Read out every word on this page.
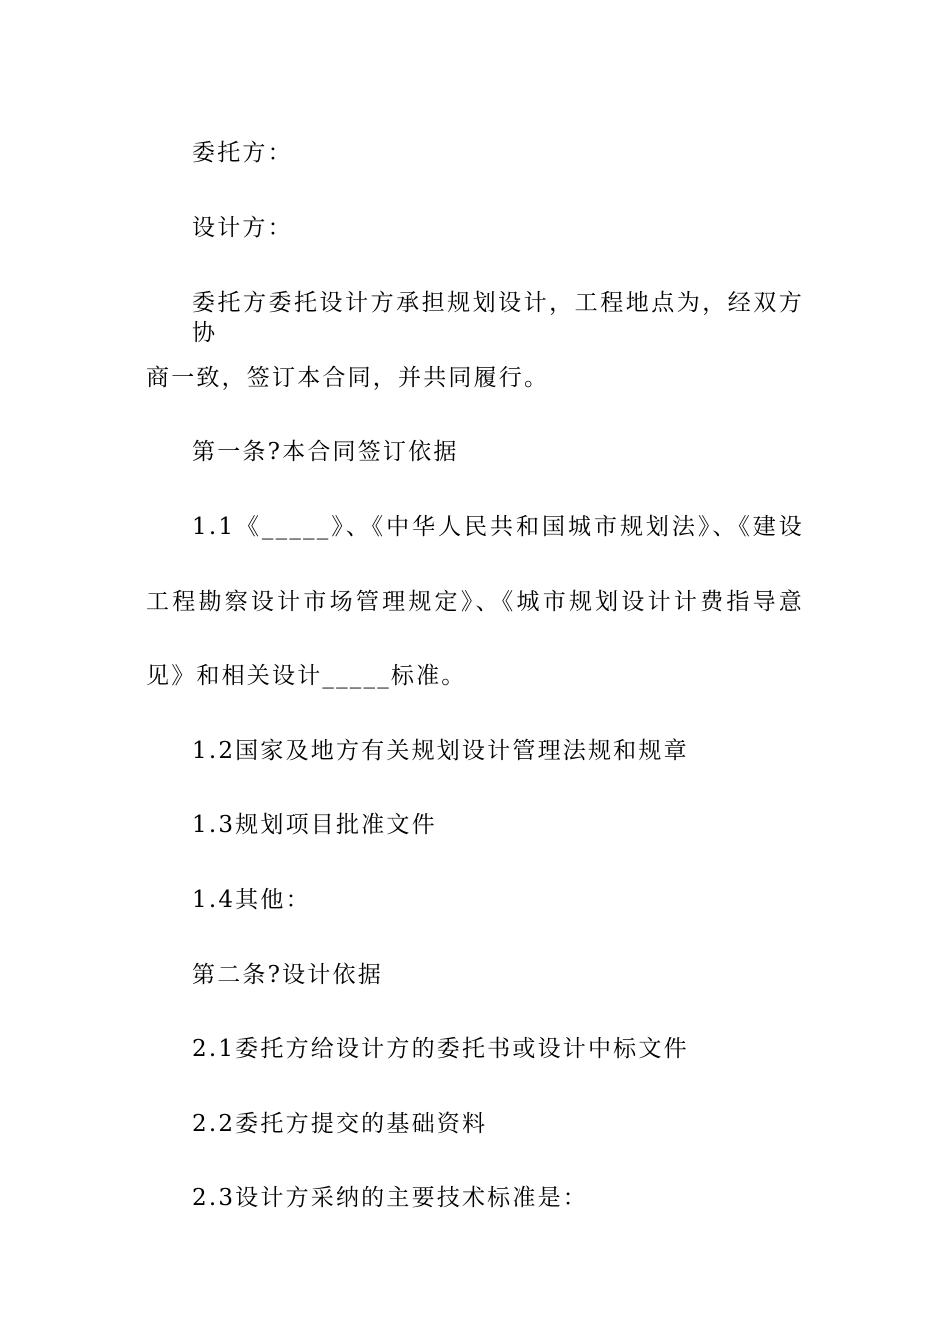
委托方：
设计方：
委托方委托设计方承担规划设计，工程地点为，经双方协
商一致，签订本合同，并共同履行。
第一条?本合同签订依据
1.1《_____》、《中华人民共和国城市规划法》、《建设
工程勘察设计市场管理规定》、《城市规划设计计费指导意
见》和相关设计_____标准。
1.2国家及地方有关规划设计管理法规和规章
1.3规划项目批准文件
1.4其他：
第二条?设计依据
2.1委托方给设计方的委托书或设计中标文件
2.2委托方提交的基础资料
2.3设计方采纳的主要技术标准是：
